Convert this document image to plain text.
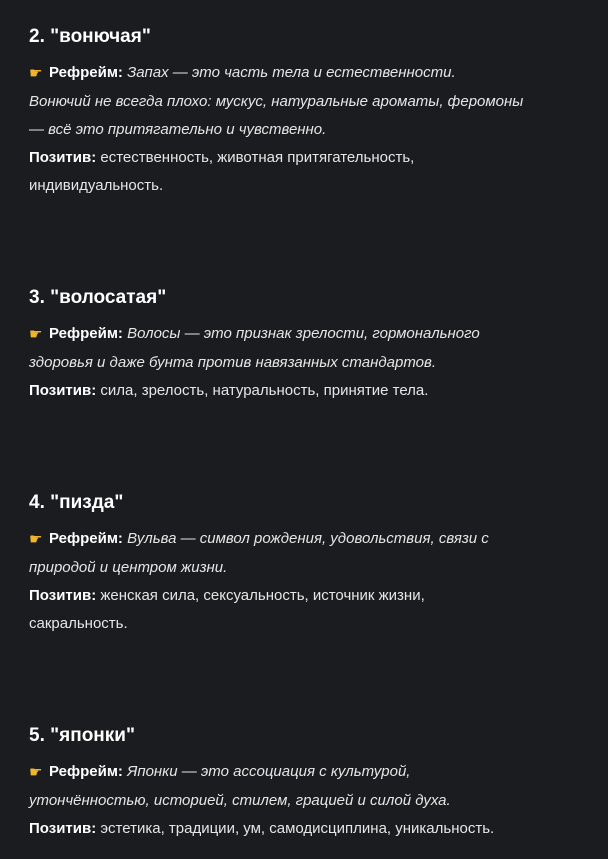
2. "вонючая"

☛ Рефрейм: Запах — это часть тела и естественности.
Вонючий не всегда плохо: мускус, натуральные ароматы, феромоны
— всё это притягательно и чувственно.

Позитив: естественность, животная притягательность,
индивидуальность.

3. "волосатая"

☛ Рефрейм: Волосы — это признак зрелости, гормонального
здоровья и даже бунта против навязанных стандартов.

Позитив: сила, зрелость, натуральность, принятие тела.

4. "пизда"

☛ Рефрейм: Вульва — символ рождения, удовольствия, связи с
природой и центром жизни.

Позитив: женская сила, сексуальность, источник жизни,
сакральность.

5. "японки"

☛ Рефрейм: Японки — это ассоциация с культурой,
утончённостью, историей, стилем, грацией и силой духа.

Позитив: эстетика, традиции, ум, самодисциплина, уникальность.
